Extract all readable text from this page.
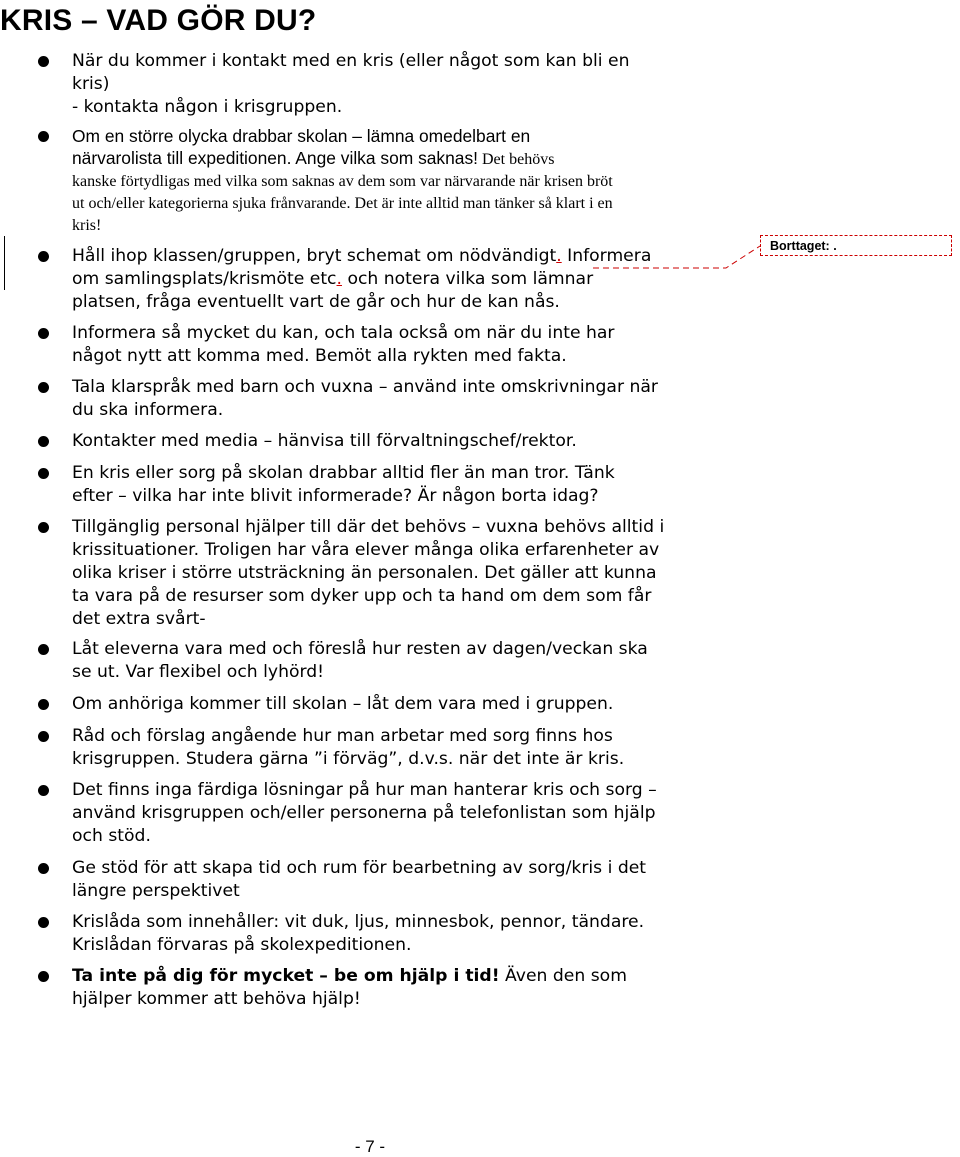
KRIS – VAD GÖR DU?
När du kommer i kontakt med en kris (eller något som kan bli en
kris)
- kontakta någon i krisgruppen.
Om en större olycka drabbar skolan – lämna omedelbart en
närvarolista till expeditionen. Ange vilka som saknas! Det behövs
kanske förtydligas med vilka som saknas av dem som var närvarande när krisen bröt
ut och/eller kategorierna sjuka frånvarande. Det är inte alltid man tänker så klart i en
kris!
Håll ihop klassen/gruppen, bryt schemat om nödvändigt. Informera
om samlingsplats/krismöte etc. och notera vilka som lämnar
platsen, fråga eventuellt vart de går och hur de kan nås.
Borttaget: .
Informera så mycket du kan, och tala också om när du inte har
något nytt att komma med. Bemöt alla rykten med fakta.
Tala klarspråk med barn och vuxna – använd inte omskrivningar när
du ska informera.
Kontakter med media – hänvisa till förvaltningschef/rektor.
En kris eller sorg på skolan drabbar alltid fler än man tror. Tänk
efter – vilka har inte blivit informerade? Är någon borta idag?
Tillgänglig personal hjälper till där det behövs – vuxna behövs alltid i
krissituationer. Troligen har våra elever många olika erfarenheter av
olika kriser i större utsträckning än personalen. Det gäller att kunna
ta vara på de resurser som dyker upp och ta hand om dem som får
det extra svårt-
Låt eleverna vara med och föreslå hur resten av dagen/veckan ska
se ut. Var flexibel och lyhörd!
Om anhöriga kommer till skolan – låt dem vara med i gruppen.
Råd och förslag angående hur man arbetar med sorg finns hos
krisgruppen. Studera gärna ”i förväg”, d.v.s. när det inte är kris.
Det finns inga färdiga lösningar på hur man hanterar kris och sorg –
använd krisgruppen och/eller personerna på telefonlistan som hjälp
och stöd.
Ge stöd för att skapa tid och rum för bearbetning av sorg/kris i det
längre perspektivet
Krislåda som innehåller: vit duk, ljus, minnesbok, pennor, tändare.
Krislådan förvaras på skolexpeditionen.
Ta inte på dig för mycket – be om hjälp i tid! Även den som
hjälper kommer att behöva hjälp!
- 7 -
